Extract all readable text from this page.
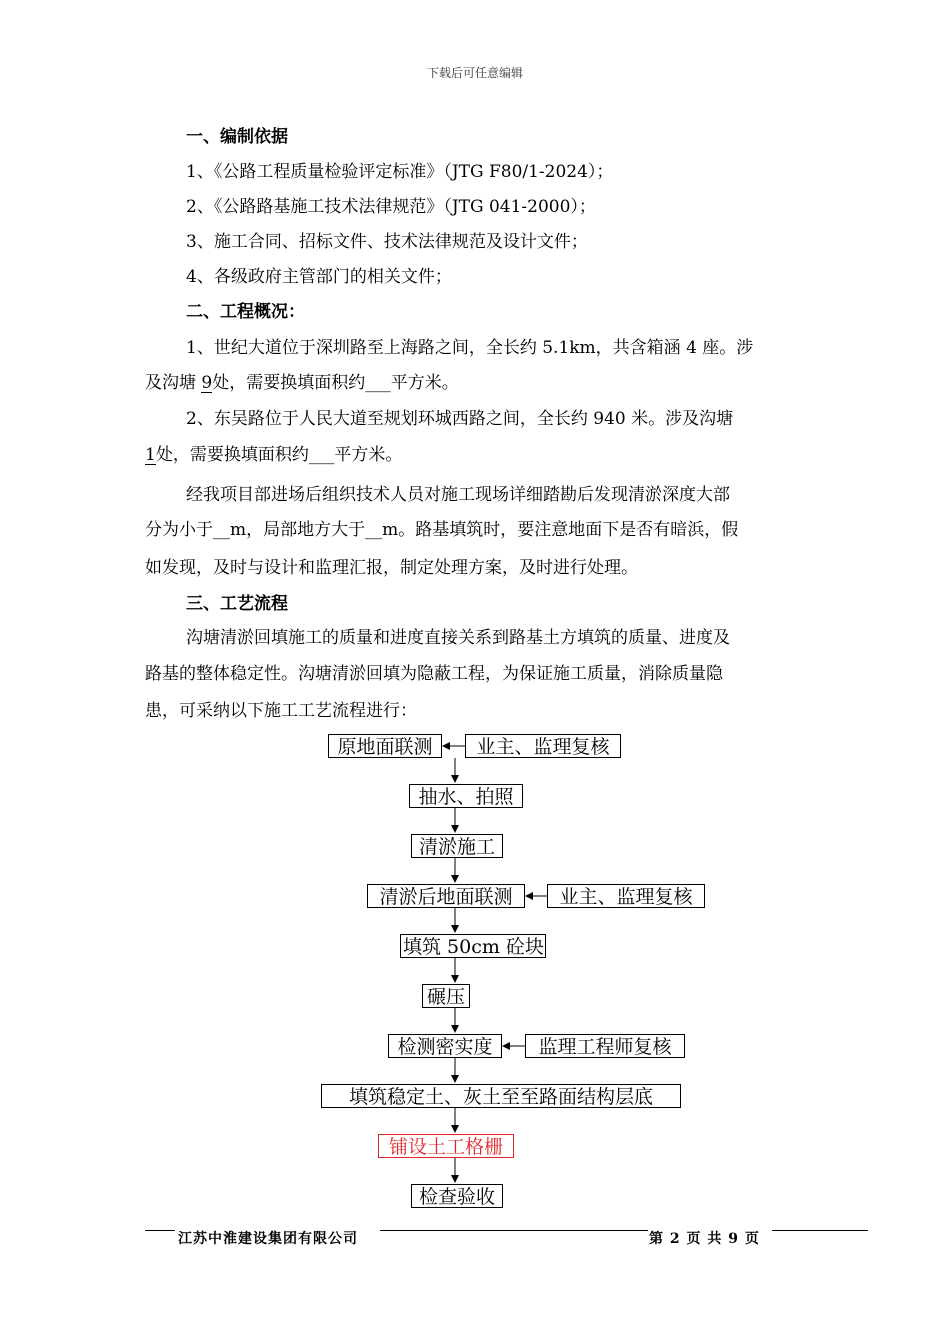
下载后可任意编辑
一、编制依据
1、《公路工程质量检验评定标准》（JTG F80/1-2024）；
2、《公路路基施工技术法律规范》（JTG 041-2000）；
3、施工合同、招标文件、技术法律规范及设计文件；
4、各级政府主管部门的相关文件；
二、工程概况：
1、世纪大道位于深圳路至上海路之间，全长约 5.1km，共含箱涵 4 座。涉
及沟塘 9处，需要换填面积约___平方米。
2、东吴路位于人民大道至规划环城西路之间，全长约 940 米。涉及沟塘
1处，需要换填面积约___平方米。
经我项目部进场后组织技术人员对施工现场详细踏勘后发现清淤深度大部
分为小于__m，局部地方大于__m。路基填筑时，要注意地面下是否有暗浜，假
如发现，及时与设计和监理汇报，制定处理方案，及时进行处理。
三、工艺流程
沟塘清淤回填施工的质量和进度直接关系到路基土方填筑的质量、进度及
路基的整体稳定性。沟塘清淤回填为隐蔽工程，为保证施工质量，消除质量隐
患，可采纳以下施工工艺流程进行：
原地面联测	业主、监理复核
抽水、拍照
清淤施工
清淤后地面联测	业主、监理复核
填筑 50cm 砼块
碾压
检测密实度	监理工程师复核
填筑稳定土、灰土至至路面结构层底
铺设土工格栅
检查验收
江苏中淮建设集团有限公司	第 2 页 共 9 页
